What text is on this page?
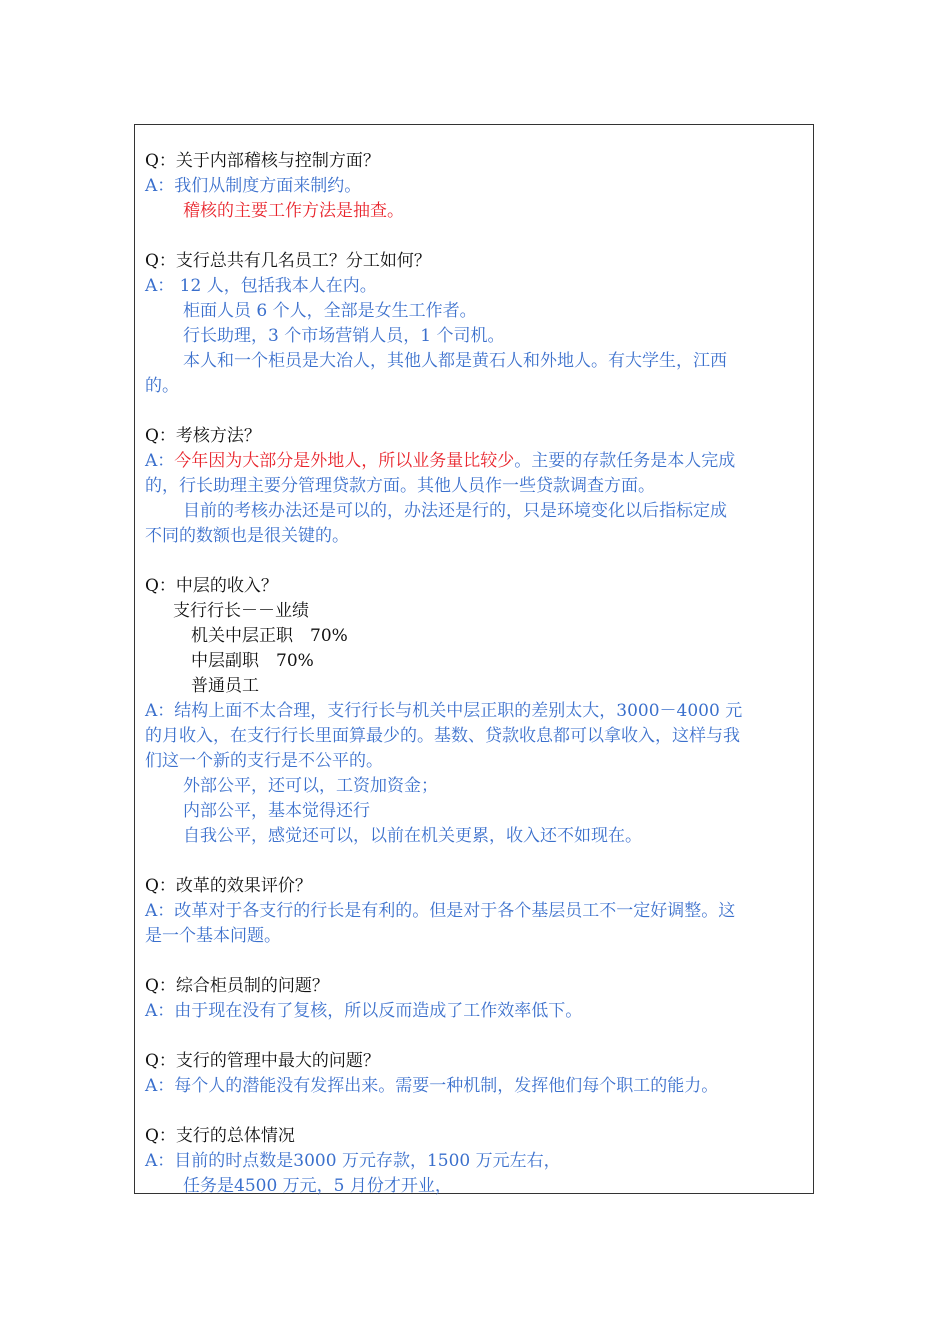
Q：关于内部稽核与控制方面？
A：我们从制度方面来制约。
稽核的主要工作方法是抽查。
Q：支行总共有几名员工？分工如何？
A： 12 人，包括我本人在内。
柜面人员 6 个人，全部是女生工作者。
行长助理，3 个市场营销人员，1 个司机。
本人和一个柜员是大冶人，其他人都是黄石人和外地人。有大学生，江西
的。
Q：考核方法？
A：今年因为大部分是外地人，所以业务量比较少。主要的存款任务是本人完成
的，行长助理主要分管理贷款方面。其他人员作一些贷款调查方面。
目前的考核办法还是可以的，办法还是行的，只是环境变化以后指标定成
不同的数额也是很关键的。
Q：中层的收入？
支行行长－－业绩
机关中层正职　70%
中层副职　70%
普通员工
A：结构上面不太合理，支行行长与机关中层正职的差别太大，3000－4000 元
的月收入，在支行行长里面算最少的。基数、贷款收息都可以拿收入，这样与我
们这一个新的支行是不公平的。
外部公平，还可以，工资加资金；
内部公平，基本觉得还行
自我公平，感觉还可以，以前在机关更累，收入还不如现在。
Q：改革的效果评价？
A：改革对于各支行的行长是有利的。但是对于各个基层员工不一定好调整。这
是一个基本问题。
Q：综合柜员制的问题？
A：由于现在没有了复核，所以反而造成了工作效率低下。
Q：支行的管理中最大的问题？
A：每个人的潜能没有发挥出来。需要一种机制，发挥他们每个职工的能力。
Q：支行的总体情况
A：目前的时点数是3000 万元存款，1500 万元左右，
任务是4500 万元，5 月份才开业，
